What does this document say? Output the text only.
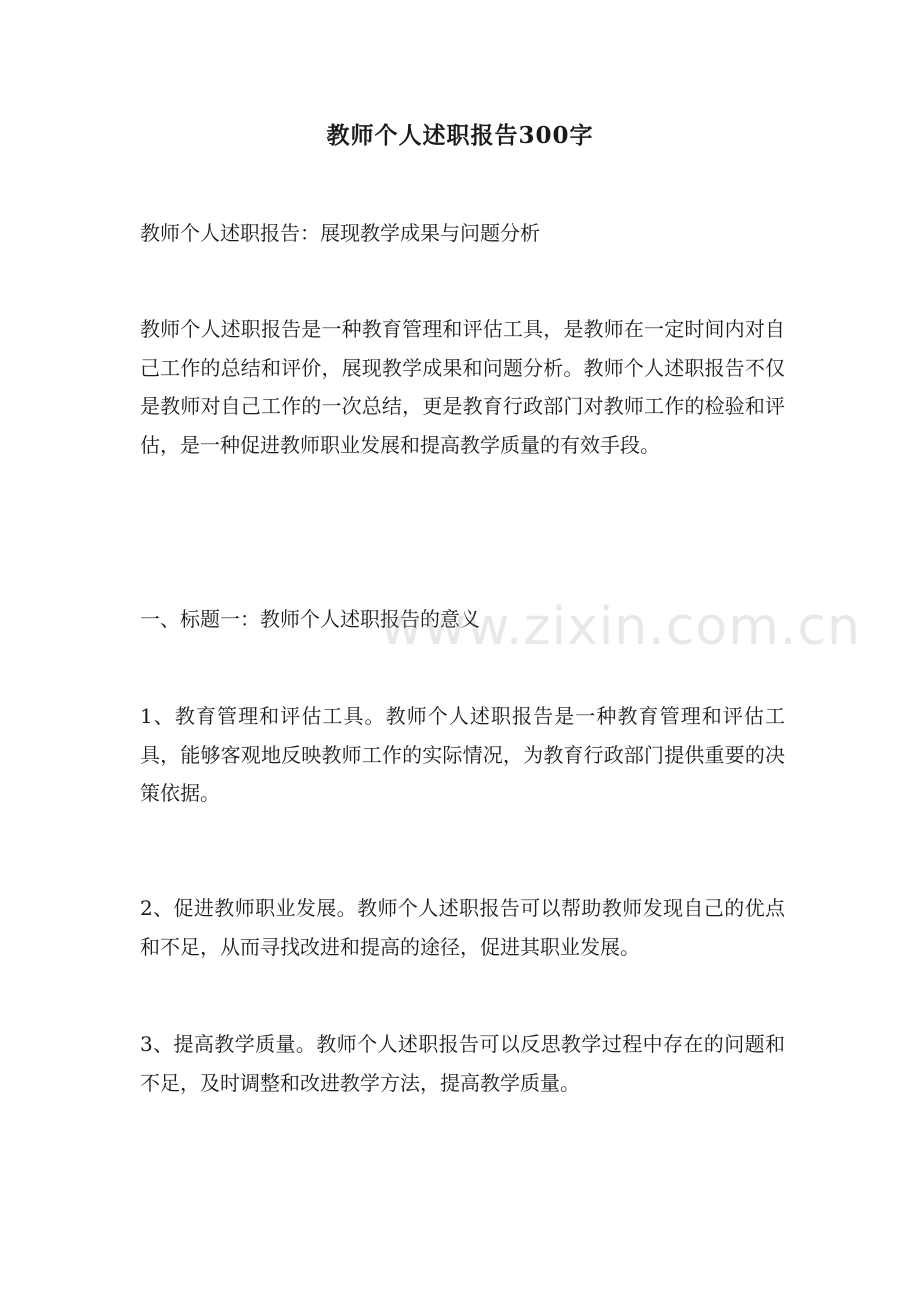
教师个人述职报告300字

教师个人述职报告：展现教学成果与问题分析

教师个人述职报告是一种教育管理和评估工具，是教师在一定时间内对自己工作的总结和评价，展现教学成果和问题分析。教师个人述职报告不仅是教师对自己工作的一次总结，更是教育行政部门对教师工作的检验和评估，是一种促进教师职业发展和提高教学质量的有效手段。

一、标题一：教师个人述职报告的意义

1、教育管理和评估工具。教师个人述职报告是一种教育管理和评估工具，能够客观地反映教师工作的实际情况，为教育行政部门提供重要的决策依据。

2、促进教师职业发展。教师个人述职报告可以帮助教师发现自己的优点和不足，从而寻找改进和提高的途径，促进其职业发展。

3、提高教学质量。教师个人述职报告可以反思教学过程中存在的问题和不足，及时调整和改进教学方法，提高教学质量。

www.zixin.com.cn
